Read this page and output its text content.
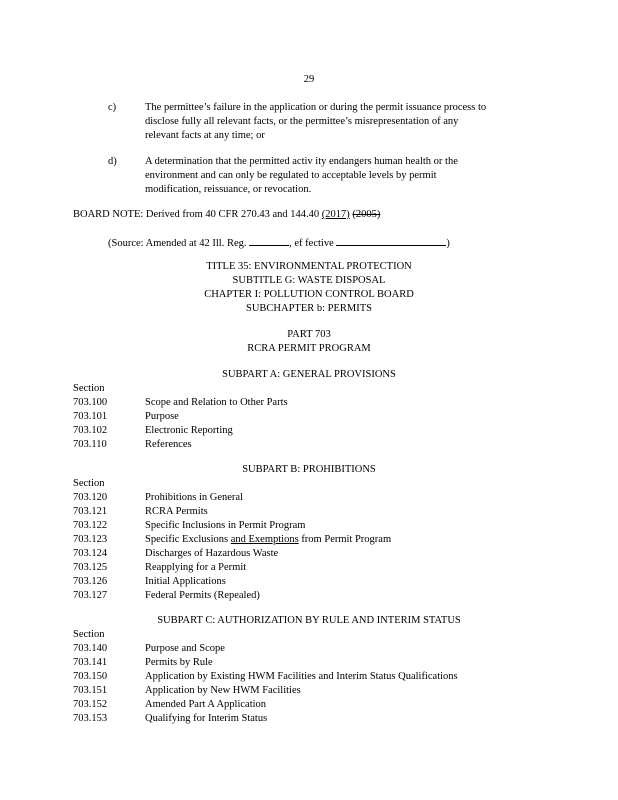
29
c)	The permittee’s failure in the application or during the permit issuance process to
disclose fully all relevant facts, or the permittee’s misrepresentation of any
relevant facts at any time; or
d)	A determination that the permitted activ ity endangers human health or the
environment and can only be regulated to acceptable levels by permit
modification, reissuance, or revocation.
BOARD NOTE: Derived from 40 CFR 270.43 and 144.40 (2017) (2005)
(Source: Amended at 42 Ill. Reg.	, ef fective	)
TITLE 35: ENVIRONMENTAL PROTECTION
SUBTITLE G: WASTE DISPOSAL
CHAPTER I: POLLUTION CONTROL BOARD
SUBCHAPTER b: PERMITS
PART 703
RCRA PERMIT PROGRAM
SUBPART A: GENERAL PROVISIONS
Section
703.100	Scope and Relation to Other Parts
703.101	Purpose
703.102	Electronic Reporting
703.110	References
SUBPART B: PROHIBITIONS
Section
703.120	Prohibitions in General
703.121	RCRA Permits
703.122	Specific Inclusions in Permit Program
703.123	Specific Exclusions and Exemptions from Permit Program
703.124	Discharges of Hazardous Waste
703.125	Reapplying for a Permit
703.126	Initial Applications
703.127	Federal Permits (Repealed)
SUBPART C: AUTHORIZATION BY RULE AND INTERIM STATUS
Section
703.140	Purpose and Scope
703.141	Permits by Rule
703.150	Application by Existing HWM Facilities and Interim Status Qualifications
703.151	Application by New HWM Facilities
703.152	Amended Part A Application
703.153	Qualifying for Interim Status
